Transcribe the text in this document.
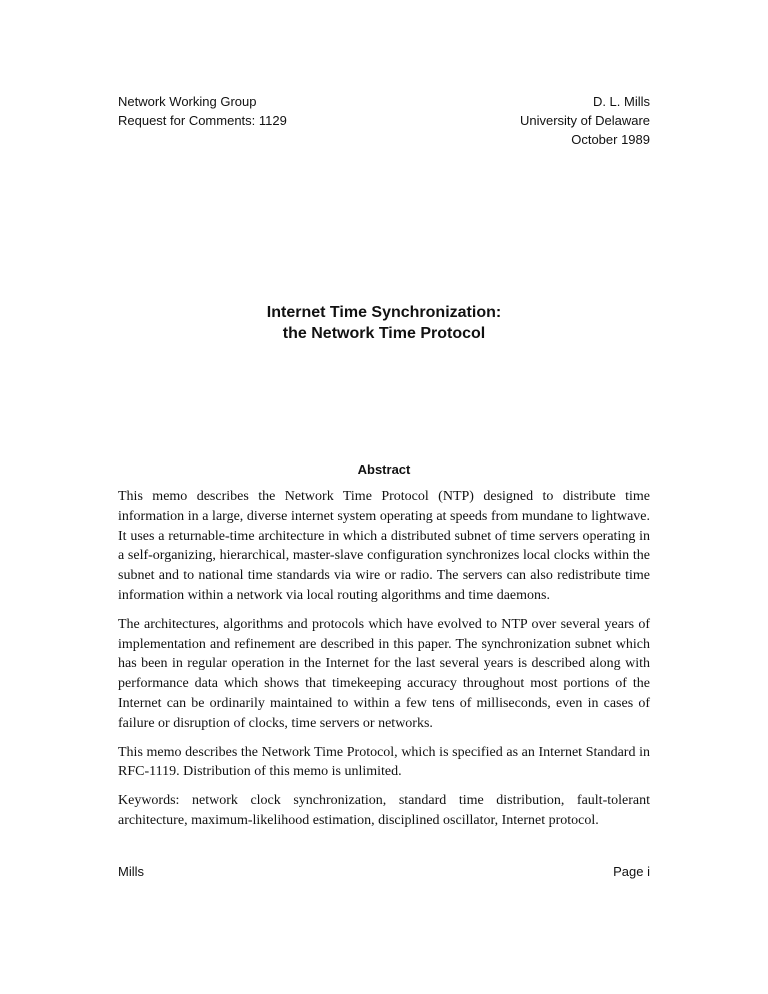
Network Working Group
Request for Comments: 1129
D. L. Mills
University of Delaware
October 1989
Internet Time Synchronization:
the Network Time Protocol
Abstract

This memo describes the Network Time Protocol (NTP) designed to distribute time information in a large, diverse internet system operating at speeds from mundane to lightwave. It uses a returnable-time architecture in which a distributed subnet of time servers operating in a self-organizing, hierarchical, master-slave configuration synchronizes local clocks within the subnet and to national time standards via wire or radio. The servers can also redistribute time information within a network via local routing algorithms and time daemons.

The architectures, algorithms and protocols which have evolved to NTP over several years of implementation and refinement are described in this paper. The synchronization subnet which has been in regular operation in the Internet for the last several years is described along with performance data which shows that timekeeping accuracy throughout most portions of the Internet can be ordinarily maintained to within a few tens of milliseconds, even in cases of failure or disruption of clocks, time servers or networks.

This memo describes the Network Time Protocol, which is specified as an Internet Standard in RFC-1119. Distribution of this memo is unlimited.

Keywords: network clock synchronization, standard time distribution, fault-tolerant architecture, maximum-likelihood estimation, disciplined oscillator, Internet protocol.

Mills	Page i
